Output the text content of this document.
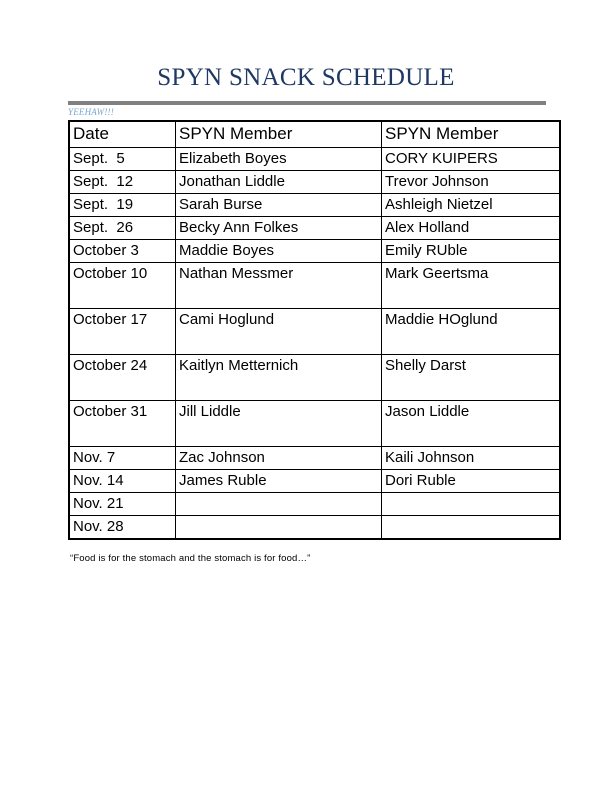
SPYN SNACK SCHEDULE
YEEHAW!!!
Date	SPYN Member	SPYN Member
Sept.  5	Elizabeth Boyes	CORY KUIPERS
Sept.  12	Jonathan Liddle	Trevor Johnson
Sept.  19	Sarah Burse	Ashleigh Nietzel
Sept.  26	Becky Ann Folkes	Alex Holland
October 3	Maddie Boyes	Emily RUble
October 10	Nathan Messmer	Mark Geertsma
October 17	Cami Hoglund	Maddie HOglund
October 24	Kaitlyn Metternich	Shelly Darst
October 31	Jill Liddle	Jason Liddle
Nov. 7	Zac Johnson	Kaili Johnson
Nov. 14	James Ruble	Dori Ruble
Nov. 21		
Nov. 28		
“Food is for the stomach and the stomach is for food…”
